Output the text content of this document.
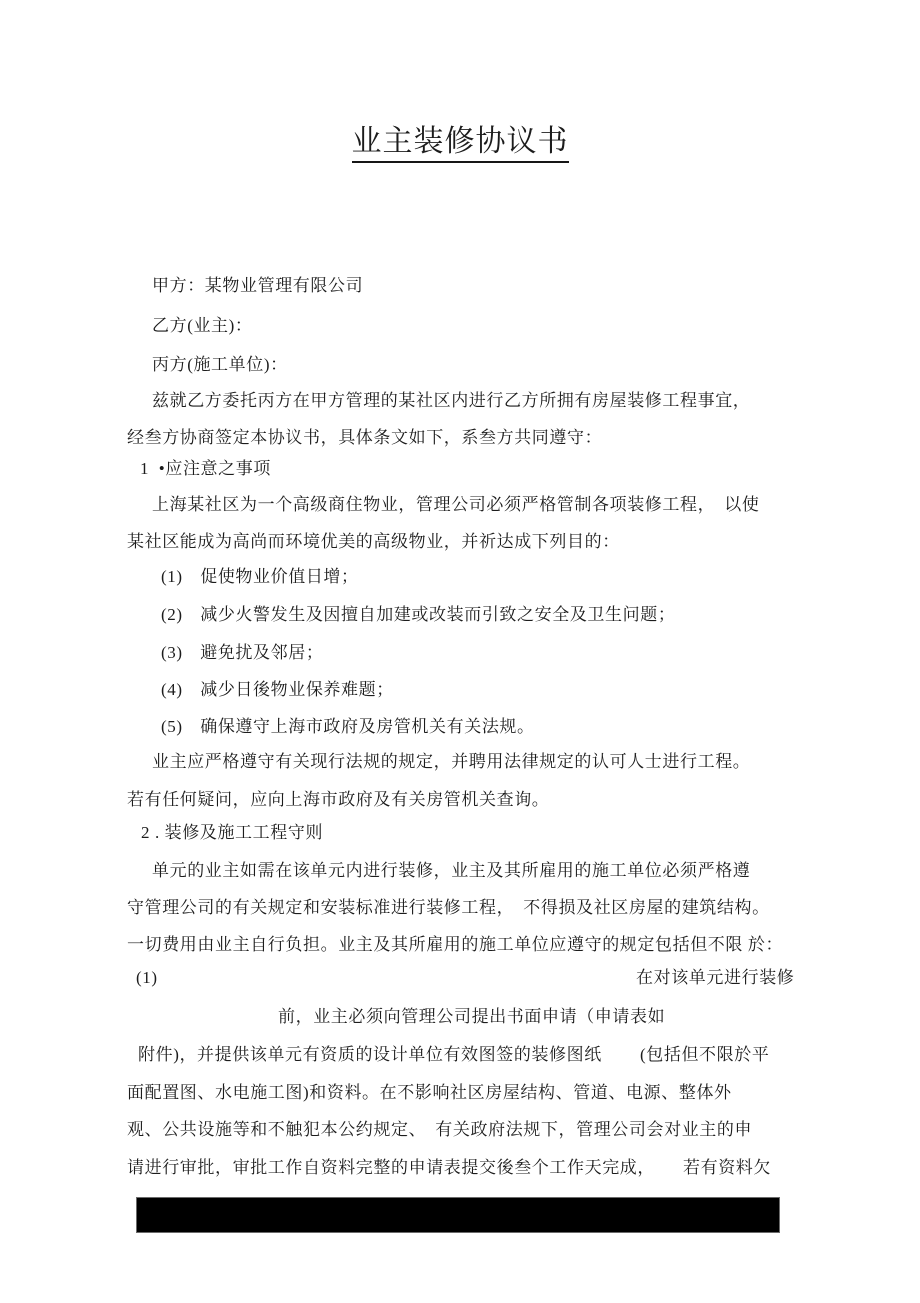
业主装修协议书
甲方：某物业管理有限公司
乙方(业主)：
丙方(施工单位)：
兹就乙方委托丙方在甲方管理的某社区内进行乙方所拥有房屋装修工程事宜，
经叁方协商签定本协议书，具体条文如下，系叁方共同遵守：
1  •应注意之事项
上海某社区为一个高级商住物业，管理公司必须严格管制各项装修工程，　以使
某社区能成为高尚而环境优美的高级物业，并祈达成下列目的：
(1)　促使物业价值日增；
(2)　减少火警发生及因擅自加建或改装而引致之安全及卫生问题；
(3)　避免扰及邻居；
(4)　减少日後物业保养难题；
(5)　确保遵守上海市政府及房管机关有关法规。
业主应严格遵守有关现行法规的规定，并聘用法律规定的认可人士进行工程。
若有任何疑问，应向上海市政府及有关房管机关查询。
2 . 装修及施工工程守则
单元的业主如需在该单元内进行装修，业主及其所雇用的施工单位必须严格遵
守管理公司的有关规定和安装标准进行装修工程，　不得损及社区房屋的建筑结构。
一切费用由业主自行负担。业主及其所雇用的施工单位应遵守的规定包括但不限 於：
(1)	在对该单元进行装修
前，业主必须向管理公司提出书面申请（申请表如
附件)，并提供该单元有资质的设计单位有效图签的装修图纸 (包括但不限於平
面配置图、水电施工图)和资料。在不影响社区房屋结构、管道、电源、整体外
观、公共设施等和不触犯本公约规定、　有关政府法规下，管理公司会对业主的申
请进行审批，审批工作自资料完整的申请表提交後叁个工作天完成， 若有资料欠
